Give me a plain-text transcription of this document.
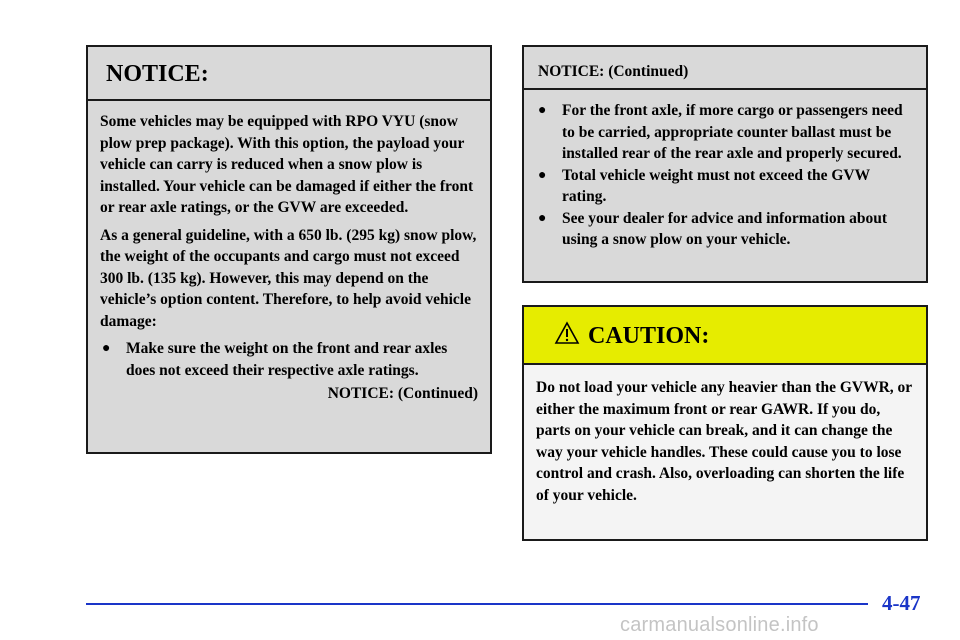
NOTICE:

Some vehicles may be equipped with RPO VYU (snow plow prep package). With this option, the payload your vehicle can carry is reduced when a snow plow is installed. Your vehicle can be damaged if either the front or rear axle ratings, or the GVW are exceeded.

As a general guideline, with a 650 lb. (295 kg) snow plow, the weight of the occupants and cargo must not exceed 300 lb. (135 kg). However, this may depend on the vehicle’s option content. Therefore, to help avoid vehicle damage:

●	Make sure the weight on the front and rear axles does not exceed their respective axle ratings.
NOTICE: (Continued)
NOTICE: (Continued)
●	For the front axle, if more cargo or passengers need to be carried, appropriate counter ballast must be installed rear of the rear axle and properly secured.
●	Total vehicle weight must not exceed the GVW rating.
●	See your dealer for advice and information about using a snow plow on your vehicle.
CAUTION:

Do not load your vehicle any heavier than the GVWR, or either the maximum front or rear GAWR. If you do, parts on your vehicle can break, and it can change the way your vehicle handles. These could cause you to lose control and crash. Also, overloading can shorten the life of your vehicle.

4-47
carmanualsonline.info
